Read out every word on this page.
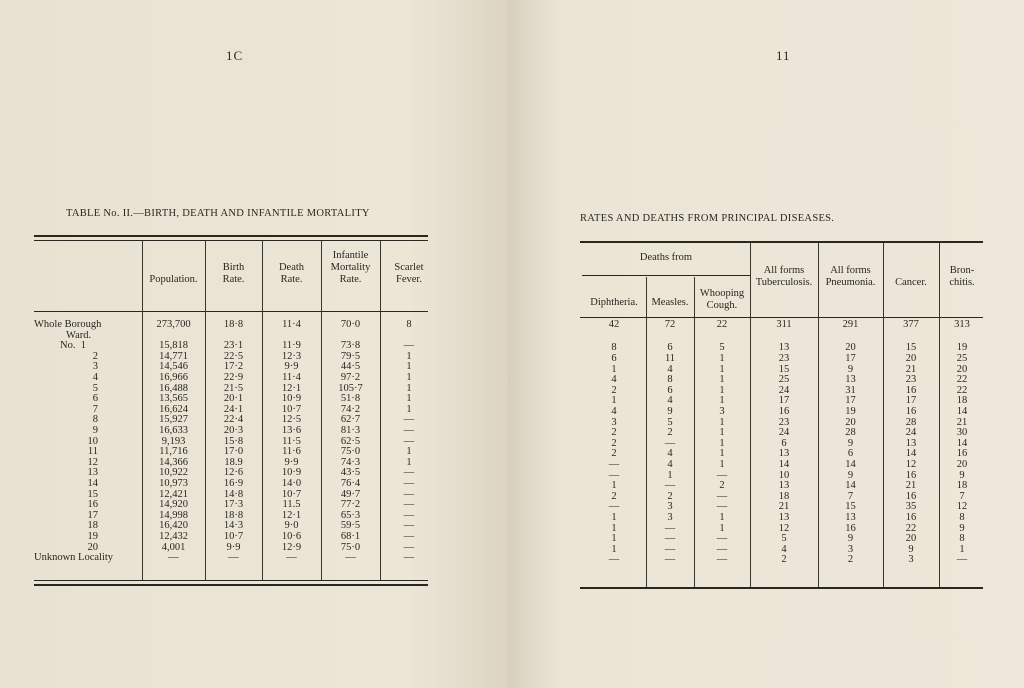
1C
TABLE No. II.—BIRTH, DEATH AND INFANTILE MORTALITY
Population.
Birth
Rate.
Death
Rate.
Infantile
Mortality
Rate.
Scarlet
Fever.
Whole Borough
Ward.
No.  1
2
3
4
5
6
7
8
9
10
11
12
13
14
15
16
17
18
19
20
Unknown Locality
273,700
15,818
14,771
14,546
16,966
16,488
13,565
16,624
15,927
16,633
9,193
11,716
14,366
10,922
10,973
12,421
14,920
14,998
16,420
12,432
4,001
—
18·8
23·1
22·5
17·2
22·9
21·5
20·1
24·1
22·4
20·3
15·8
17·0
18.9
12·6
16·9
14·8
17·3
18·8
14·3
10·7
9·9
—
11·4
11·9
12·3
9·9
11·4
12·1
10·9
10·7
12·5
13·6
11·5
11·6
9·9
10·9
14·0
10·7
11.5
12·1
9·0
10·6
12·9
—
70·0
73·8
79·5
44·5
97·2
105·7
51·8
74·2
62·7
81·3
62·5
75·0
74·3
43·5
76·4
49·7
77·2
65·3
59·5
68·1
75·0
—
8
—
1
1
1
1
1
1
—
—
—
1
1
—
—
—
—
—
—
—
—
—
11
RATES AND DEATHS FROM PRINCIPAL DISEASES.
Deaths from
Diphtheria.	Measles.
Whooping
Cough.
All forms
Tuberculosis.
All forms
Pneumonia.	Cancer.
Bron-
chitis.
42
8
6
1
4
2
1
4
3
2
2
2
—
—
1
2
—
1
1
1
1
—
72
6
11
4
8
6
4
9
5
2
—
4
4
1
—
2
3
3
—
—
—
—
22
5
1
1
1
1
1
3
1
1
1
1
1
—
2
—
—
1
1
—
—
—
311
13
23
15
25
24
17
16
23
24
6
13
14
10
13
18
21
13
12
5
4
2
291
20
17
9
13
31
17
19
20
28
9
6
14
9
14
7
15
13
16
9
3
2
377
15
20
21
23
16
17
16
28
24
13
14
12
16
21
16
35
16
22
20
9
3
313
19
25
20
22
22
18
14
21
30
14
16
20
9
18
7
12
8
9
8
1
—
